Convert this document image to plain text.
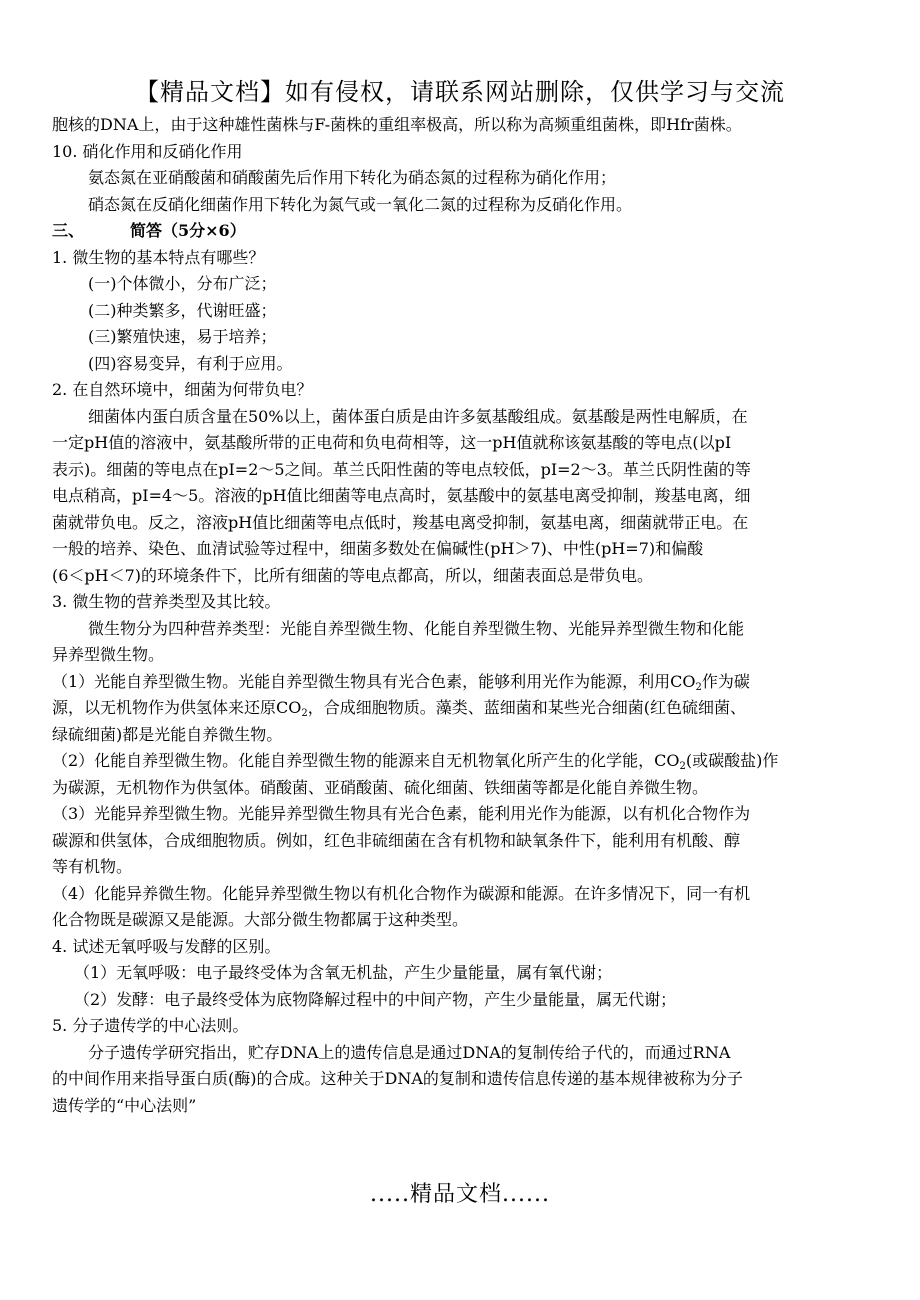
【精品文档】如有侵权，请联系网站删除，仅供学习与交流

胞核的DNA上，由于这种雄性菌株与F-菌株的重组率极高，所以称为高频重组菌株，即Hfr菌株。

10. 硝化作用和反硝化作用

氨态氮在亚硝酸菌和硝酸菌先后作用下转化为硝态氮的过程称为硝化作用；

硝态氮在反硝化细菌作用下转化为氮气或一氧化二氮的过程称为反硝化作用。

三、	简答（5分×6）

1. 微生物的基本特点有哪些？

(一)个体微小，分布广泛；

(二)种类繁多，代谢旺盛；

(三)繁殖快速，易于培养；

(四)容易变异，有利于应用。

2. 在自然环境中，细菌为何带负电？

细菌体内蛋白质含量在50%以上，菌体蛋白质是由许多氨基酸组成。氨基酸是两性电解质，在

一定pH值的溶液中，氨基酸所带的正电荷和负电荷相等，这一pH值就称该氨基酸的等电点(以pI

表示)。细菌的等电点在pI=2～5之间。革兰氏阳性菌的等电点较低，pI=2～3。革兰氏阴性菌的等

电点稍高，pI=4～5。溶液的pH值比细菌等电点高时，氨基酸中的氨基电离受抑制，羧基电离，细

菌就带负电。反之，溶液pH值比细菌等电点低时，羧基电离受抑制，氨基电离，细菌就带正电。在

一般的培养、染色、血清试验等过程中，细菌多数处在偏碱性(pH＞7)、中性(pH=7)和偏酸

(6＜pH＜7)的环境条件下，比所有细菌的等电点都高，所以，细菌表面总是带负电。

3. 微生物的营养类型及其比较。

微生物分为四种营养类型：光能自养型微生物、化能自养型微生物、光能异养型微生物和化能

异养型微生物。

（1）光能自养型微生物。光能自养型微生物具有光合色素，能够利用光作为能源，利用$CO_2$作为碳

源，以无机物作为供氢体来还原$CO_2$，合成细胞物质。藻类、蓝细菌和某些光合细菌(红色硫细菌、

绿硫细菌)都是光能自养微生物。

（2）化能自养型微生物。化能自养型微生物的能源来自无机物氧化所产生的化学能，$CO_2$(或碳酸盐)作

为碳源，无机物作为供氢体。硝酸菌、亚硝酸菌、硫化细菌、铁细菌等都是化能自养微生物。

（3）光能异养型微生物。光能异养型微生物具有光合色素，能利用光作为能源，以有机化合物作为

碳源和供氢体，合成细胞物质。例如，红色非硫细菌在含有机物和缺氧条件下，能利用有机酸、醇

等有机物。

（4）化能异养微生物。化能异养型微生物以有机化合物作为碳源和能源。在许多情况下，同一有机

化合物既是碳源又是能源。大部分微生物都属于这种类型。

4. 试述无氧呼吸与发酵的区别。

（1）无氧呼吸：电子最终受体为含氧无机盐，产生少量能量，属有氧代谢；

（2）发酵：电子最终受体为底物降解过程中的中间产物，产生少量能量，属无代谢；

5. 分子遗传学的中心法则。

分子遗传学研究指出，贮存DNA上的遗传信息是通过DNA的复制传给子代的，而通过RNA

的中间作用来指导蛋白质(酶)的合成。这种关于DNA的复制和遗传信息传递的基本规律被称为分子

遗传学的“中心法则”

.....精品文档......
